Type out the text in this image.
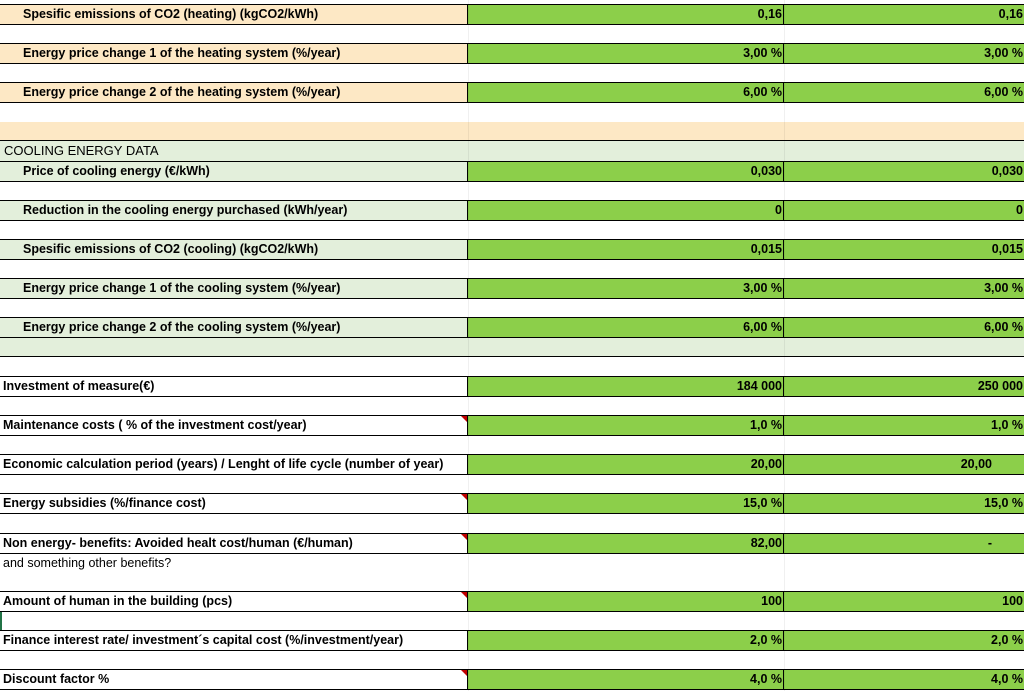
Spesific emissions of CO2 (heating) (kgCO2/kWh)	0,16	0,16
Energy price change 1 of the heating system (%/year)	3,00 %	3,00 %
Energy price change 2 of the heating system (%/year)	6,00 %	6,00 %
COOLING ENERGY DATA
Price of cooling energy (€/kWh)	0,030	0,030
Reduction in the cooling energy purchased (kWh/year)	0	0
Spesific emissions of CO2 (cooling) (kgCO2/kWh)	0,015	0,015
Energy price change 1 of the cooling system (%/year)	3,00 %	3,00 %
Energy price change 2 of the cooling system (%/year)	6,00 %	6,00 %
Investment of measure(€)	184 000	250 000
Maintenance costs ( % of the investment cost/year)	1,0 %	1,0 %
Economic calculation period (years) / Lenght of life cycle (number of year)	20,00	20,00
Energy subsidies (%/finance cost)	15,0 %	15,0 %
Non energy- benefits: Avoided healt cost/human (€/human)	82,00	-
and something other benefits?
Amount of human in the building (pcs)	100	100
Finance interest rate/ investment´s capital cost (%/investment/year)	2,0 %	2,0 %
Discount factor %	4,0 %	4,0 %
